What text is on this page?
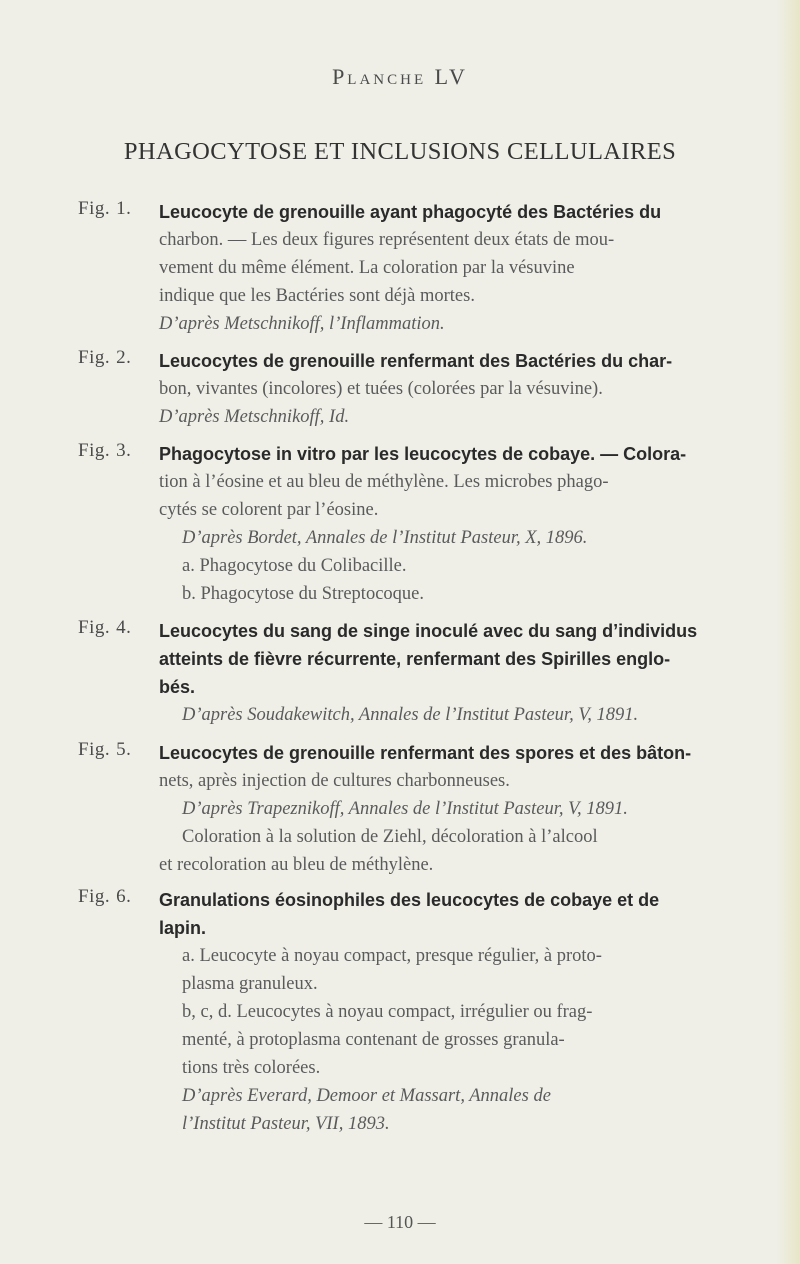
Planche LV
PHAGOCYTOSE ET INCLUSIONS CELLULAIRES
Fig. 1. Leucocyte de grenouille ayant phagocyté des Bactéries du
charbon. — Les deux figures représentent deux états de mou-
vement du même élément. La coloration par la vésuvine
indique que les Bactéries sont déjà mortes.
D’après Metschnikoff, l’Inflammation.
Fig. 2. Leucocytes de grenouille renfermant des Bactéries du char-
bon, vivantes (incolores) et tuées (colorées par la vésuvine).
D’après Metschnikoff, Id.
Fig. 3. Phagocytose in vitro par les leucocytes de cobaye. — Colora-
tion à l’éosine et au bleu de méthylène. Les microbes phago-
cytés se colorent par l’éosine.
D’après Bordet, Annales de l’Institut Pasteur, X, 1896.
a. Phagocytose du Colibacille.
b. Phagocytose du Streptocoque.
Fig. 4. Leucocytes du sang de singe inoculé avec du sang d’individus
atteints de fièvre récurrente, renfermant des Spirilles englo-
bés.
D’après Soudakewitch, Annales de l’Institut Pasteur, V, 1891.
Fig. 5. Leucocytes de grenouille renfermant des spores et des bâton-
nets, après injection de cultures charbonneuses.
D’après Trapeznikoff, Annales de l’Institut Pasteur, V, 1891.
Coloration à la solution de Ziehl, décoloration à l’alcool
et recoloration au bleu de méthylène.
Fig. 6. Granulations éosinophiles des leucocytes de cobaye et de
lapin.
a. Leucocyte à noyau compact, presque régulier, à proto-
plasma granuleux.
b, c, d. Leucocytes à noyau compact, irrégulier ou frag-
menté, à protoplasma contenant de grosses granula-
tions très colorées.
D’après Everard, Demoor et Massart, Annales de
l’Institut Pasteur, VII, 1893.
— 110 —
